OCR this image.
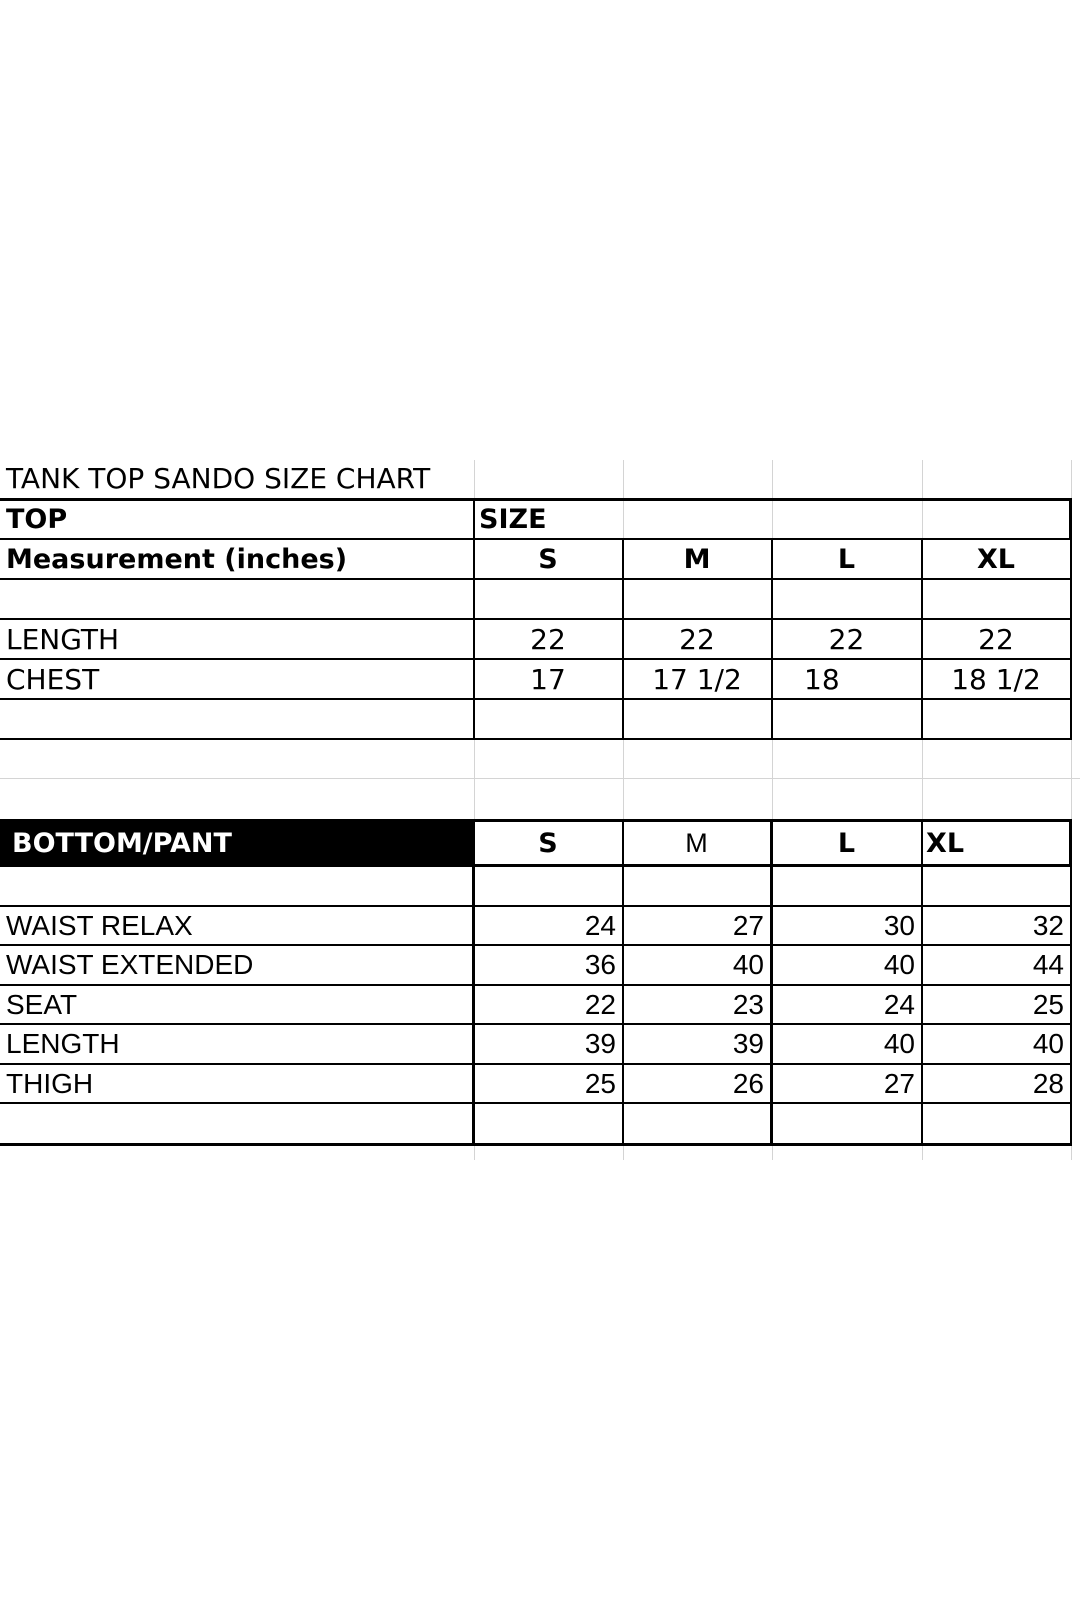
TANK TOP SANDO SIZE CHART
TOP	SIZE
Measurement (inches)	S	M	L	XL
LENGTH	22	22	22	22
CHEST	17	17 1/2	18	18 1/2
BOTTOM/PANT	S	M	L	XL
WAIST RELAX	24	27	30	32
WAIST EXTENDED	36	40	40	44
SEAT	22	23	24	25
LENGTH	39	39	40	40
THIGH	25	26	27	28
